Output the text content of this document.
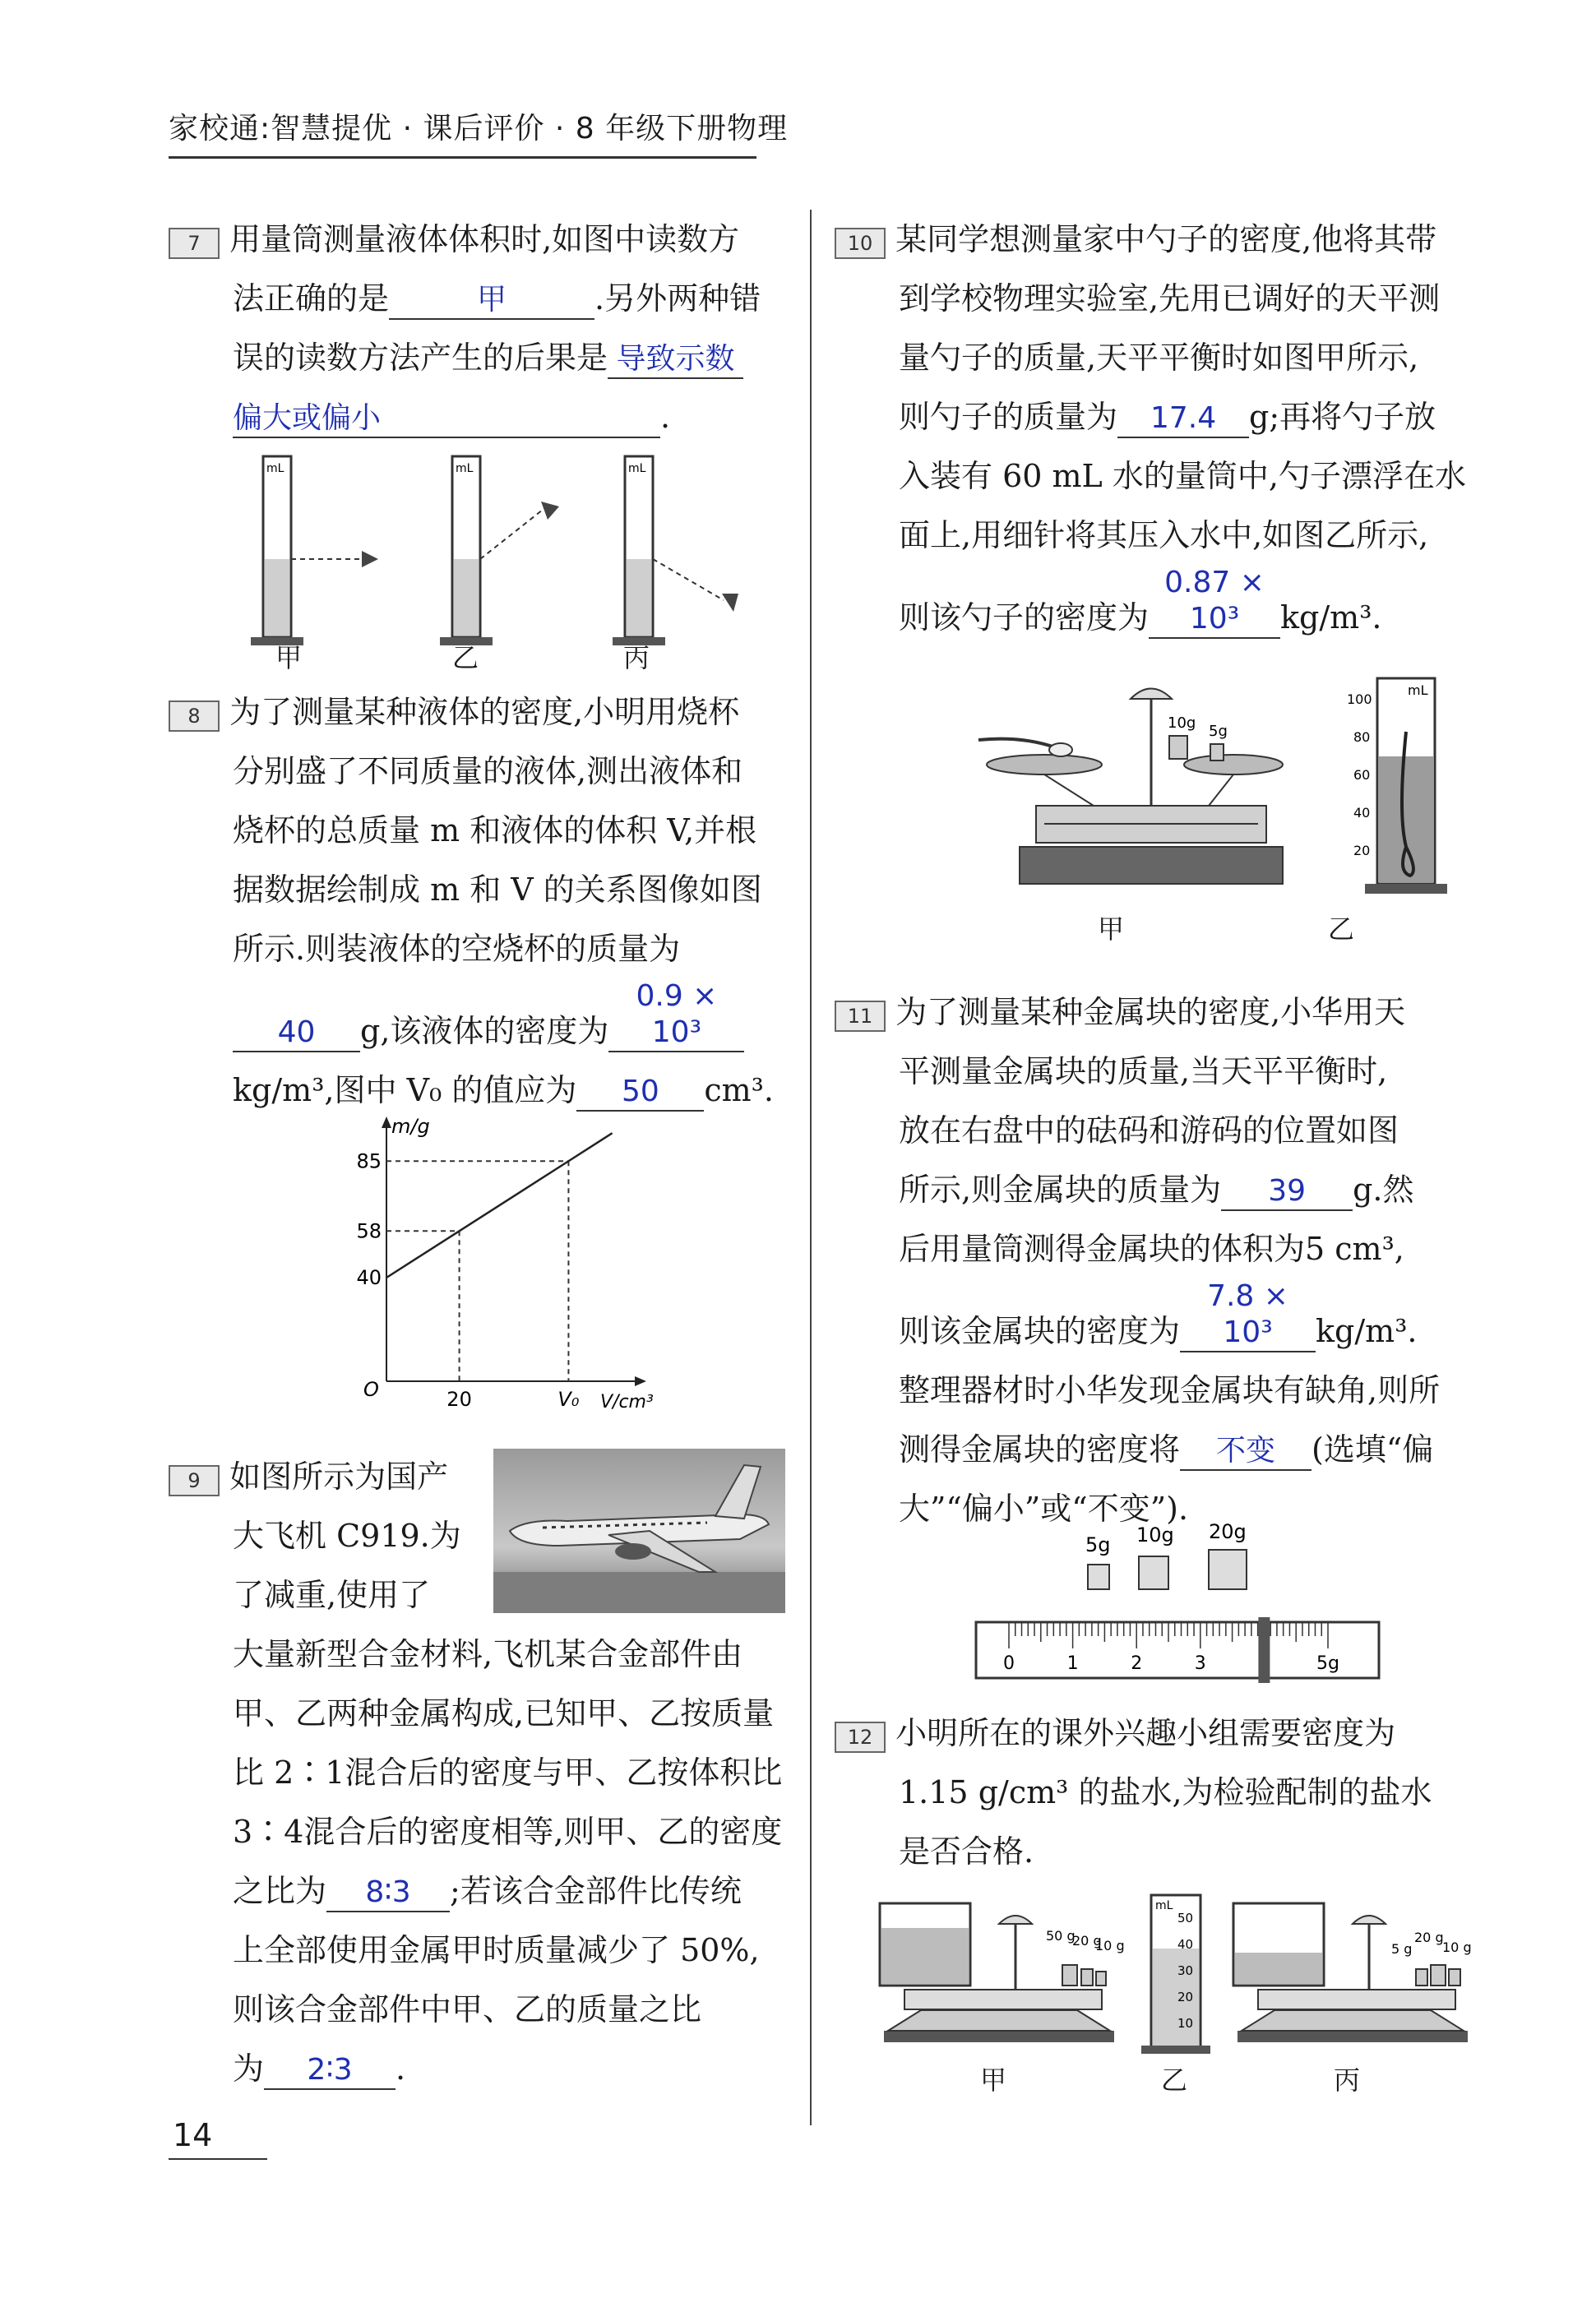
家校通:智慧提优 · 课后评价 · 8 年级下册物理
7 用量筒测量液体体积时,如图中读数方
法正确的是	甲	.另外两种错
误的读数方法产生的后果是 导致示数
偏大或偏小	.
mL	mL	mL
甲	乙	丙
8 为了测量某种液体的密度,小明用烧杯
分别盛了不同质量的液体,测出液体和
烧杯的总质量 m 和液体的体积 V,并根
据数据绘制成 m 和 V 的关系图像如图
所示.则装液体的空烧杯的质量为
40 g,该液体的密度为0.9 × 10³
kg/m³,图中 V₀ 的值应为 50 cm³.
m/g
V/cm³
O
40
58
85
20	V₀
9 如图所示为国产
大飞机 C919.为
了减重,使用了
大量新型合金材料,飞机某合金部件由
甲、乙两种金属构成,已知甲、乙按质量
比 2∶1混合后的密度与甲、乙按体积比
3∶4混合后的密度相等,则甲、乙的密度
之比为 8∶3 ;若该合金部件比传统
上全部使用金属甲时质量减少了 50%,
则该合金部件中甲、乙的质量之比
为 2∶3 .
10 某同学想测量家中勺子的密度,他将其带
到学校物理实验室,先用已调好的天平测
量勺子的质量,天平平衡时如图甲所示,
则勺子的质量为 17.4 g;再将勺子放
入装有 60 mL 水的量筒中,勺子漂浮在水
面上,用细针将其压入水中,如图乙所示,
则该勺子的密度为0.87 × 10³ kg/m³.
10g 5g
mL
100
80
60
40
20
甲	乙
11 为了测量某种金属块的密度,小华用天
平测量金属块的质量,当天平平衡时,
放在右盘中的砝码和游码的位置如图
所示,则金属块的质量为 39 g.然
后用量筒测得金属块的体积为5 cm³,
则该金属块的密度为7.8 × 10³ kg/m³.
整理器材时小华发现金属块有缺角,则所
测得金属块的密度将 不变 (选填“偏
大”“偏小”或“不变”).
5g 10g 20g
0	1	2	3	5g
12 小明所在的课外兴趣小组需要密度为
1.15 g/cm³ 的盐水,为检验配制的盐水
是否合格.
50 g
20 g
10 g
mL
50
40
30
20
10
5 g
20 g
10 g
甲	乙	丙
14
